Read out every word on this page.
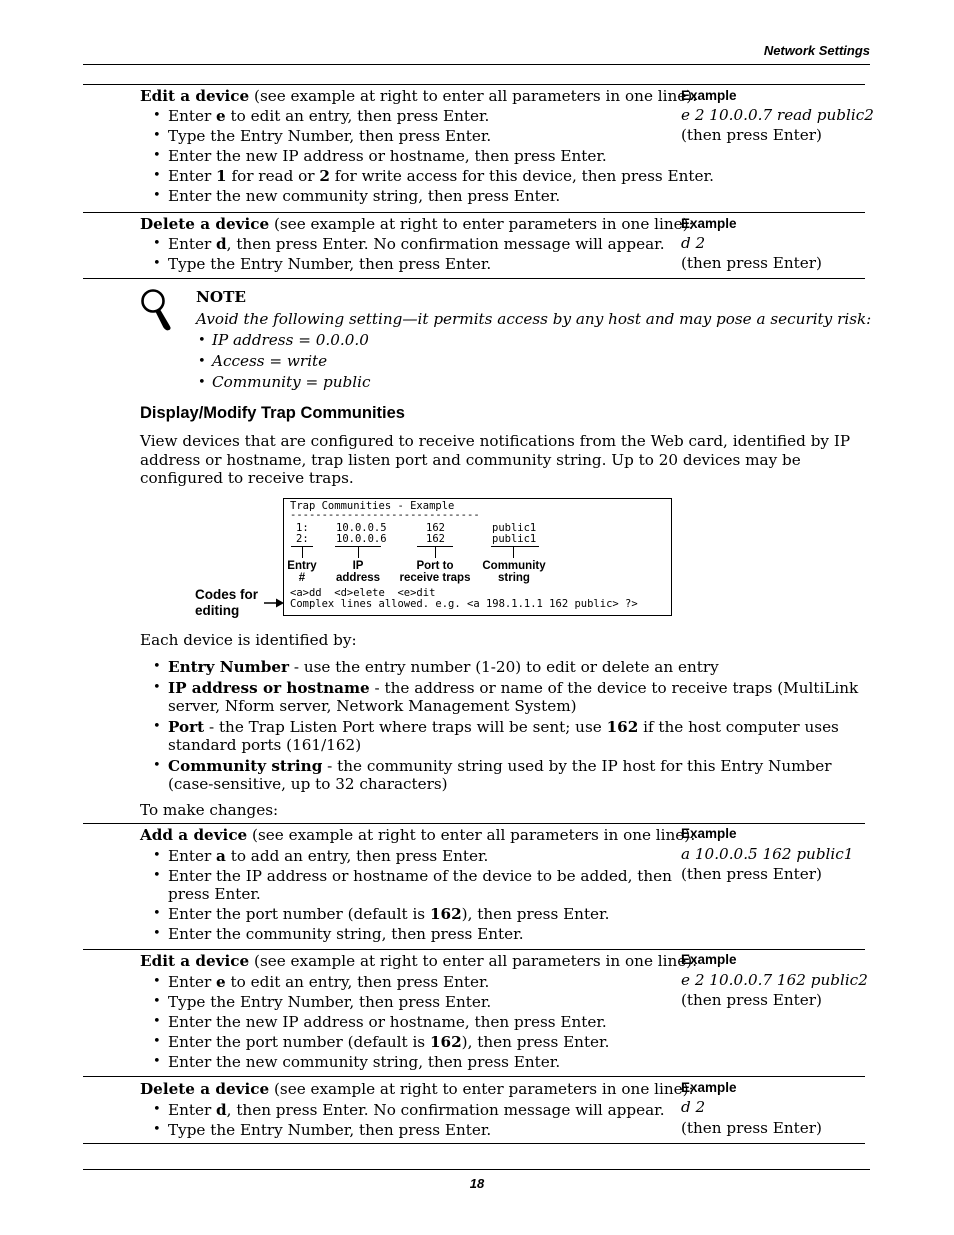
Network Settings
Edit a device (see example at right to enter all parameters in one line):
• Enter e to edit an entry, then press Enter.
• Type the Entry Number, then press Enter.
• Enter the new IP address or hostname, then press Enter.
• Enter 1 for read or 2 for write access for this device, then press Enter.
• Enter the new community string, then press Enter.
Example
e 2 10.0.0.7 read public2
(then press Enter)
Delete a device (see example at right to enter parameters in one line):
• Enter d, then press Enter. No confirmation message will appear.
• Type the Entry Number, then press Enter.
Example
d 2
(then press Enter)
NOTE
Avoid the following setting—it permits access by any host and may pose a security risk:
• IP address = 0.0.0.0
• Access = write
• Community = public
Display/Modify Trap Communities
View devices that are configured to receive notifications from the Web card, identified by IP address or hostname, trap listen port and community string. Up to 20 devices may be configured to receive traps.
Trap Communities - Example
------------------------------
1:	10.0.0.5	162	public1
2:	10.0.0.6	162	public1
Entry
#
IP
address
Port to
receive traps
Community
string
<a>dd  <d>elete  <e>dit
Complex lines allowed. e.g. <a 198.1.1.1 162 public> ?>
Codes for
editing
Each device is identified by:
• Entry Number - use the entry number (1-20) to edit or delete an entry
• IP address or hostname - the address or name of the device to receive traps (MultiLink server, Nform server, Network Management System)
• Port - the Trap Listen Port where traps will be sent; use 162 if the host computer uses standard ports (161/162)
• Community string - the community string used by the IP host for this Entry Number (case-sensitive, up to 32 characters)
To make changes:
Add a device (see example at right to enter all parameters in one line):
• Enter a to add an entry, then press Enter.
• Enter the IP address or hostname of the device to be added, then press Enter.
• Enter the port number (default is 162), then press Enter.
• Enter the community string, then press Enter.
Example
a 10.0.0.5 162 public1
(then press Enter)
Edit a device (see example at right to enter all parameters in one line):
• Enter e to edit an entry, then press Enter.
• Type the Entry Number, then press Enter.
• Enter the new IP address or hostname, then press Enter.
• Enter the port number (default is 162), then press Enter.
• Enter the new community string, then press Enter.
Example
e 2 10.0.0.7 162 public2
(then press Enter)
Delete a device (see example at right to enter parameters in one line):
• Enter d, then press Enter. No confirmation message will appear.
• Type the Entry Number, then press Enter.
Example
d 2
(then press Enter)
18
